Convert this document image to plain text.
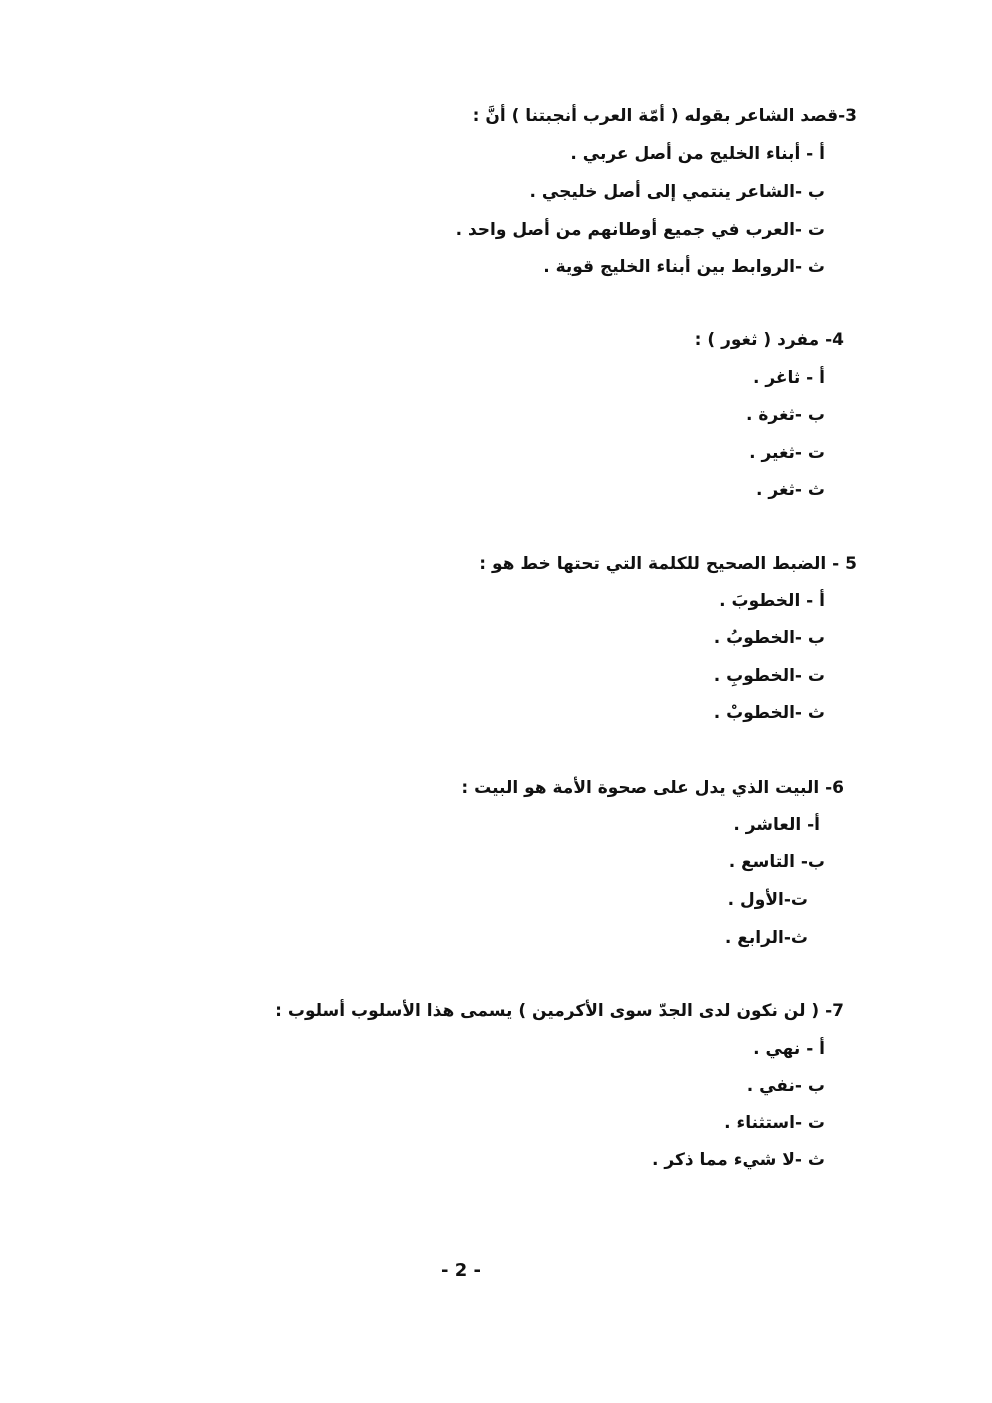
3-قصد الشاعر بقوله ( أمّة العرب أنجبتنا ) أنَّ :
أ - أبناء الخليج من أصل عربي .
ب -الشاعر ينتمي إلى أصل خليجي .
ت -العرب في جميع أوطانهم من أصل واحد .
ث -الروابط بين أبناء الخليج قوية .
4- مفرد ( ثغور ) :
أ - ثاغر .
ب -ثغرة .
ت -ثغير .
ث -ثغر .
5 - الضبط الصحيح للكلمة التي تحتها خط هو :
أ - الخطوبَ .
ب -الخطوبُ .
ت -الخطوبِ .
ث -الخطوبْ .
6- البيت الذي يدل على صحوة الأمة هو البيت :
أ- العاشر .
ب- التاسع .
ت-الأول .
ث-الرابع .
7- ( لن نكون لدى الجدّ سوى الأكرمين ) يسمى هذا الأسلوب أسلوب :
أ - نهي .
ب -نفي .
ت -استثناء .
ث -لا شيء مما ذكر .
- 2 -
